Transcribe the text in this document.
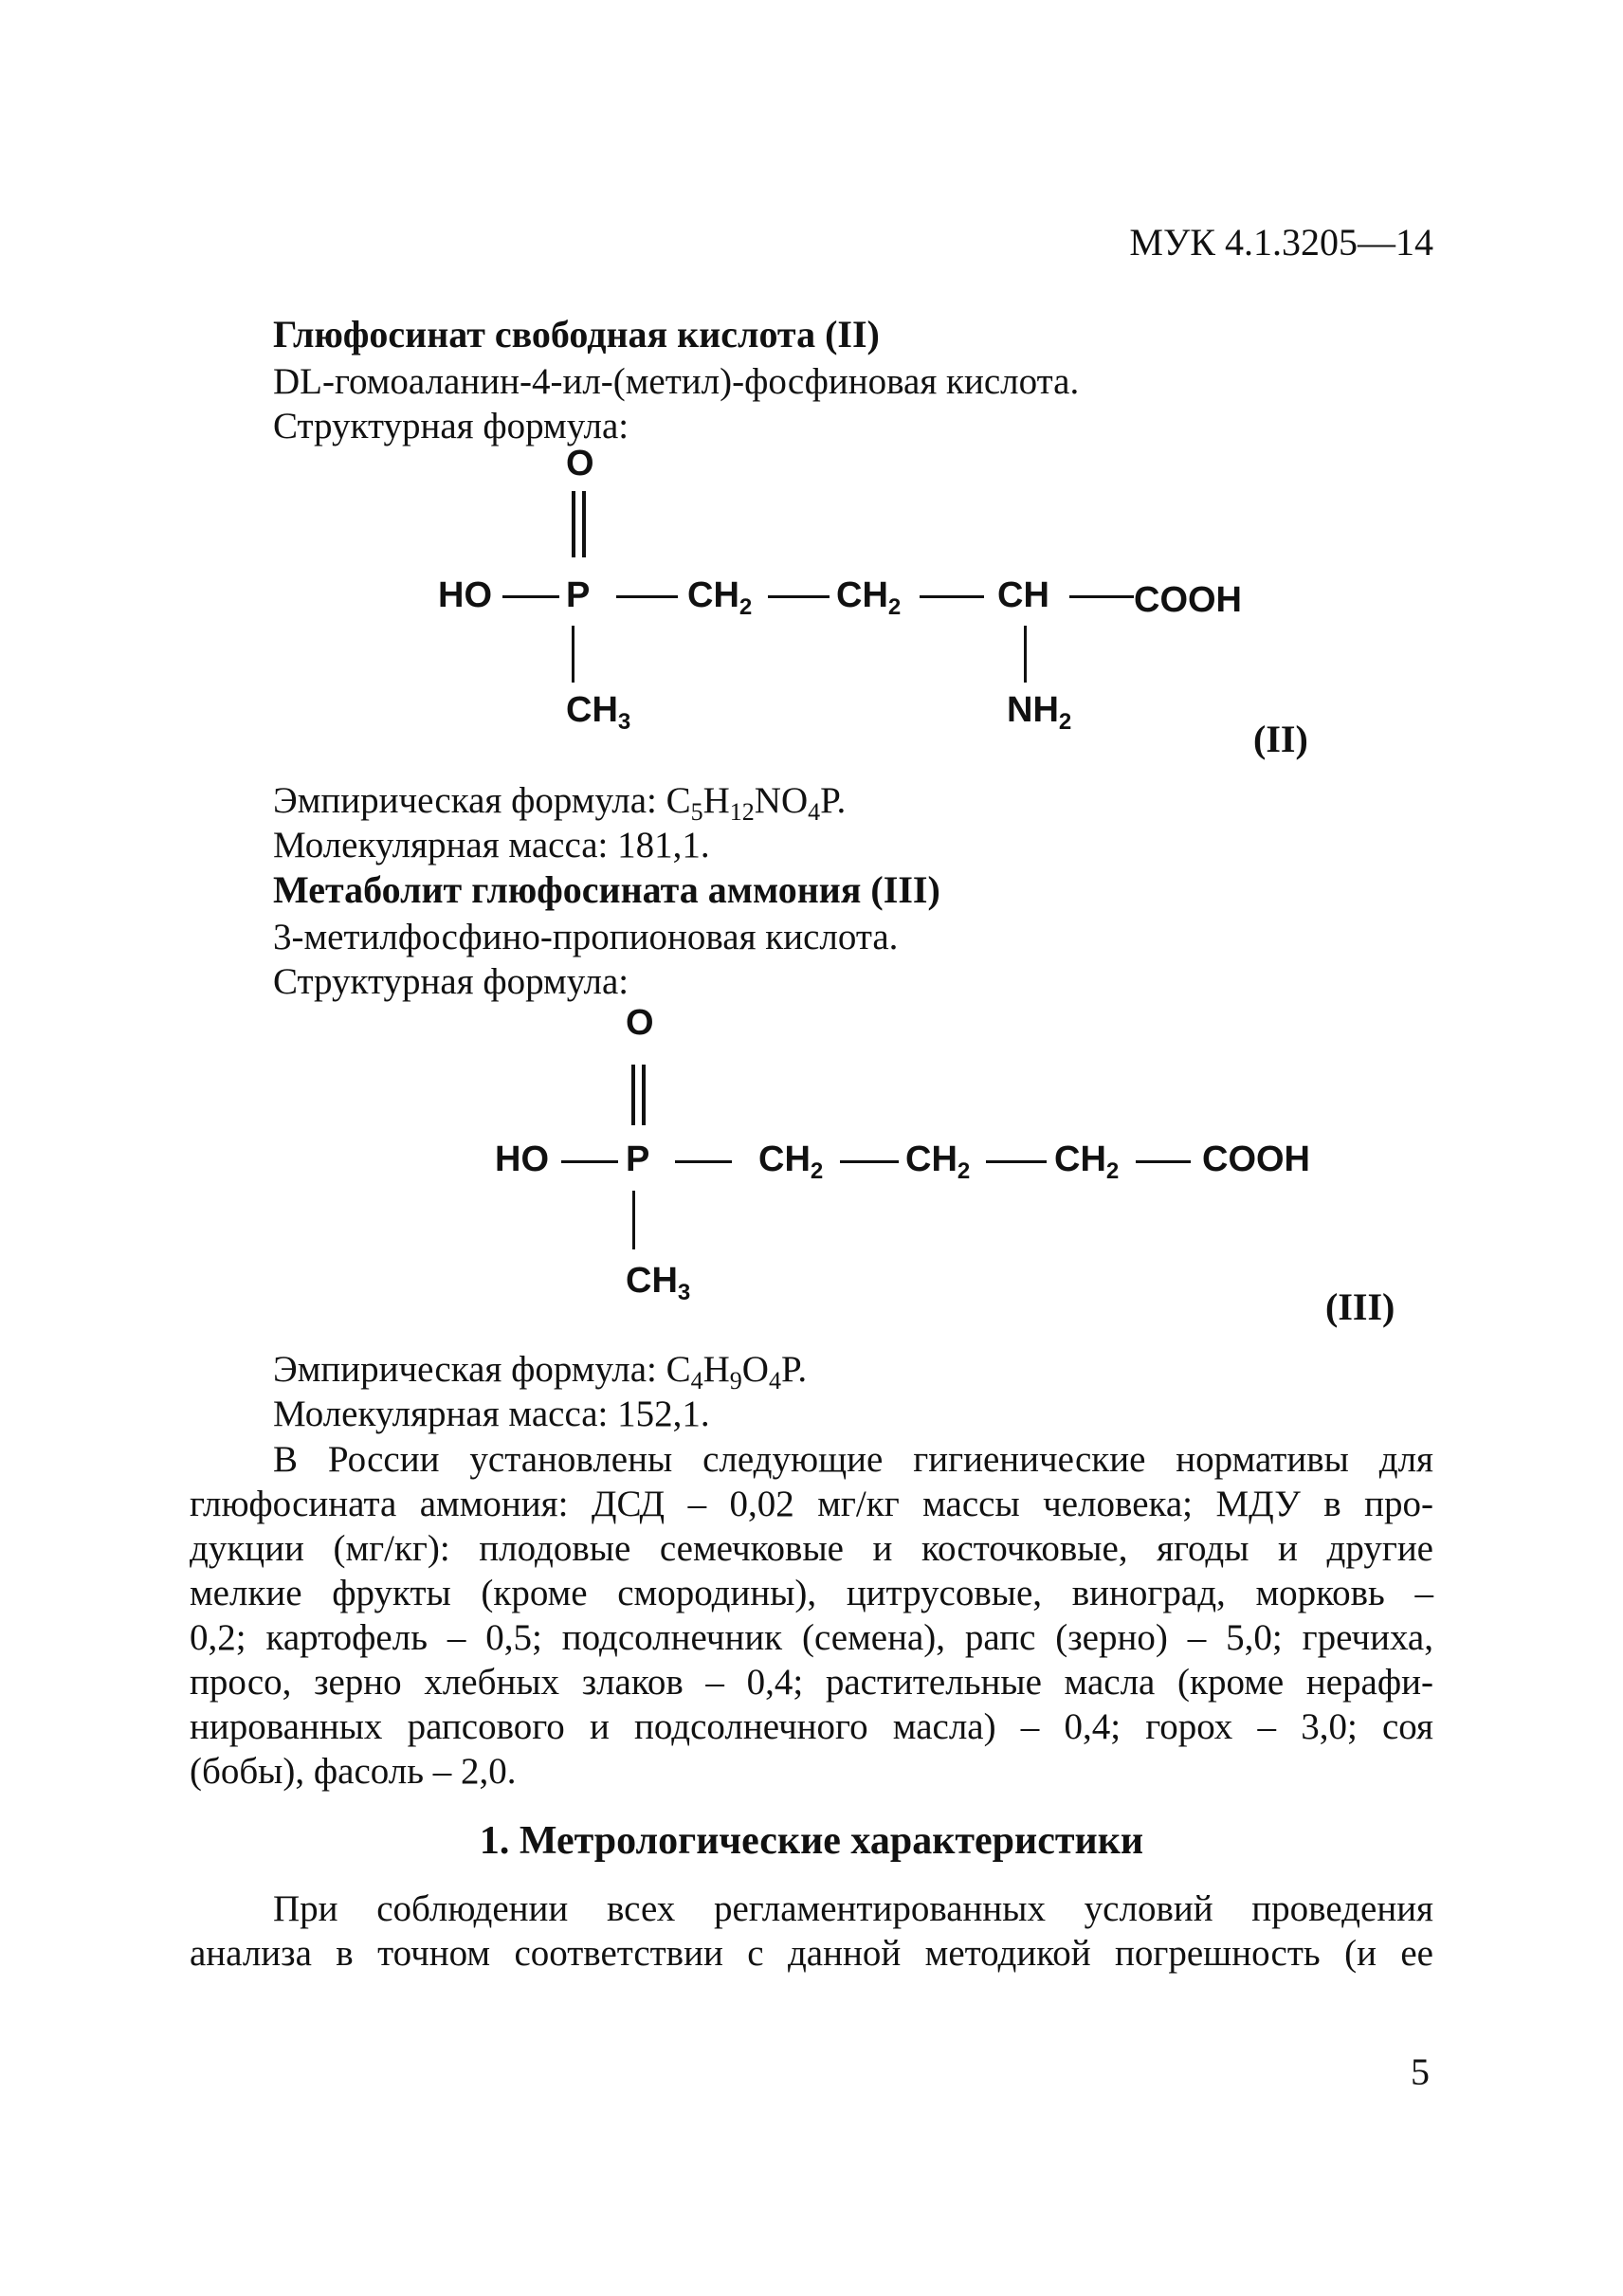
МУК 4.1.3205—14
Глюфосинат свободная кислота (II)
DL-гомоаланин-4-ил-(метил)-фосфиновая кислота.
Структурная формула:
O
HO P	$CH_2$ $CH_2$	CH COOH
$CH_3$	$NH_2$	(II)
Эмпирическая формула: $C_5H_{12}NO_4P$.
Молекулярная масса: 181,1.
Метаболит глюфосината аммония (III)
3-метилфосфино-пропионовая кислота.
Структурная формула:
O
HO P	$CH_2$ $CH_2$ $CH_2$ COOH
$CH_3$	(III)
Эмпирическая формула: $C_4H_9O_4P$.
Молекулярная масса: 152,1.
В России установлены следующие гигиенические нормативы для
глюфосината аммония: ДСД – 0,02 мг/кг массы человека; МДУ в про-
дукции (мг/кг): плодовые семечковые и косточковые, ягоды и другие
мелкие фрукты (кроме смородины), цитрусовые, виноград, морковь –
0,2; картофель – 0,5; подсолнечник (семена), рапс (зерно) – 5,0; гречиха,
просо, зерно хлебных злаков – 0,4; растительные масла (кроме нерафи-
нированных рапсового и подсолнечного масла) – 0,4; горох – 3,0; соя
(бобы), фасоль – 2,0.
1. Метрологические характеристики
При соблюдении всех регламентированных условий проведения
анализа в точном соответствии с данной методикой погрешность (и ее
5
